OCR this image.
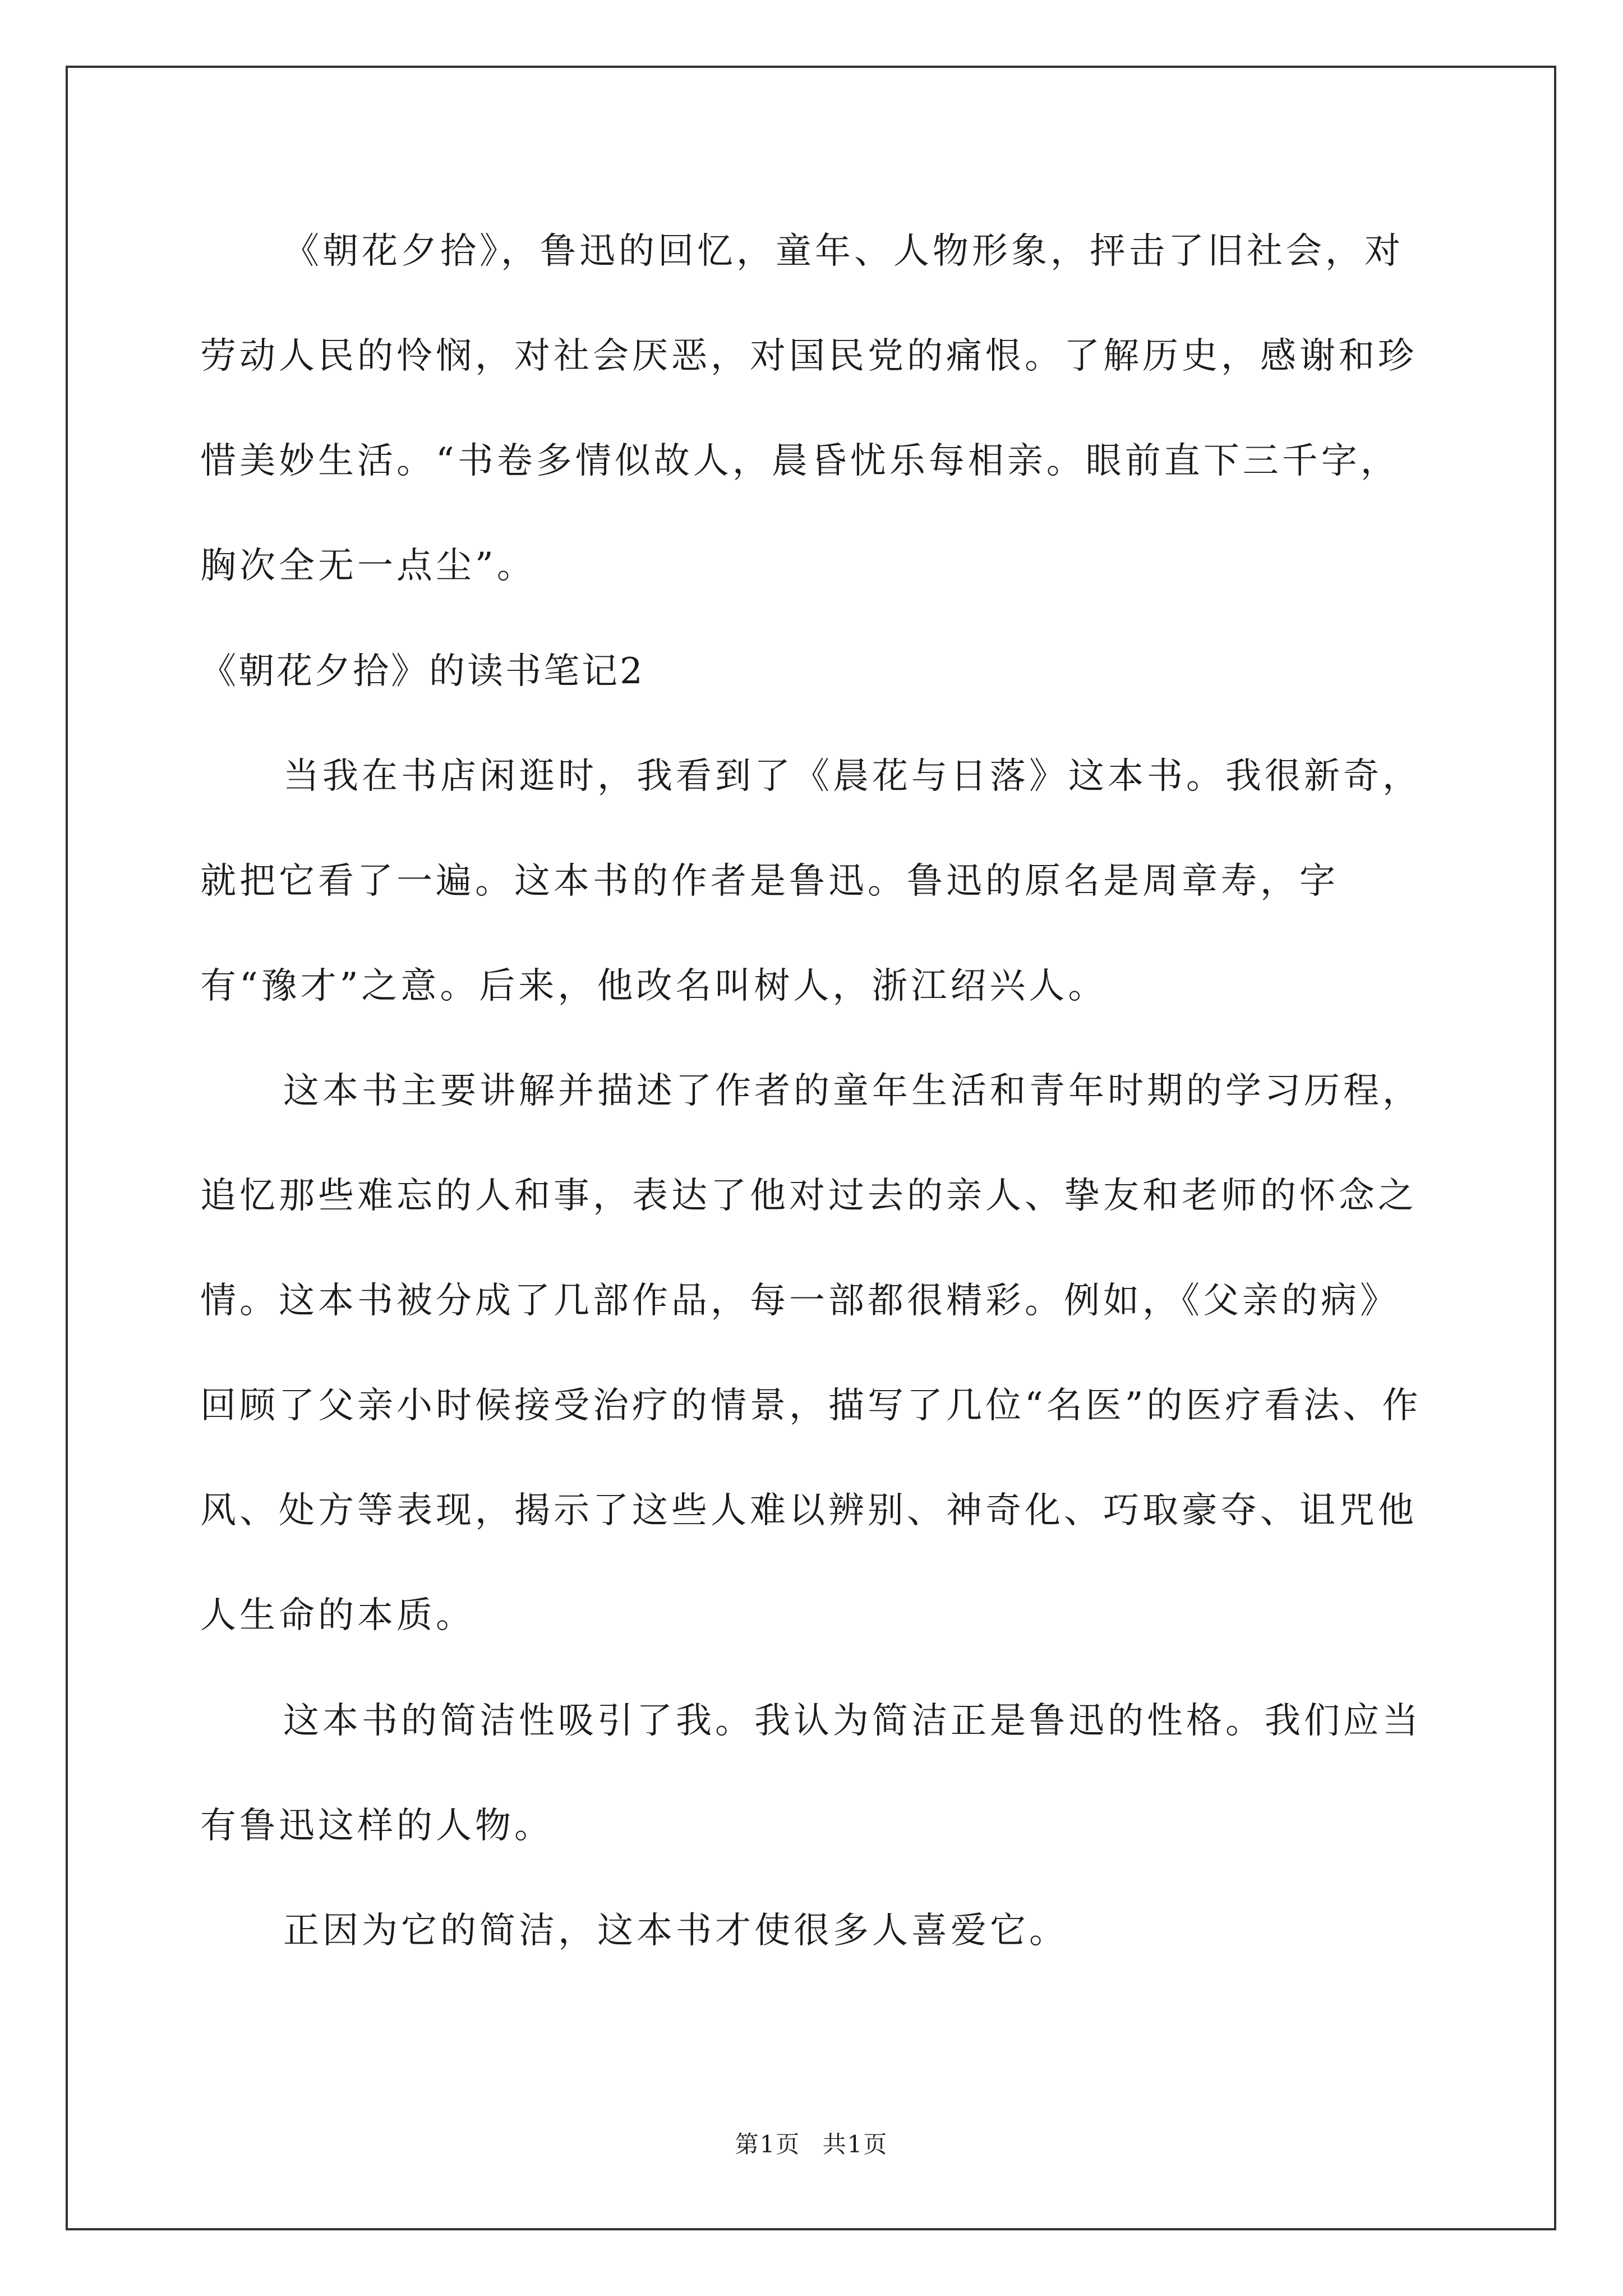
《朝花夕拾》，鲁迅的回忆，童年、人物形象，抨击了旧社会，对劳动人民的怜悯，对社会厌恶，对国民党的痛恨。了解历史，感谢和珍惜美妙生活。“书卷多情似故人，晨昏忧乐每相亲。眼前直下三千字，胸次全无一点尘”。

《朝花夕拾》的读书笔记2

当我在书店闲逛时，我看到了《晨花与日落》这本书。我很新奇，就把它看了一遍。这本书的作者是鲁迅。鲁迅的原名是周章寿，字有“豫才”之意。后来，他改名叫树人，浙江绍兴人。

这本书主要讲解并描述了作者的童年生活和青年时期的学习历程，追忆那些难忘的人和事，表达了他对过去的亲人、挚友和老师的怀念之情。这本书被分成了几部作品，每一部都很精彩。例如，《父亲的病》回顾了父亲小时候接受治疗的情景，描写了几位“名医”的医疗看法、作风、处方等表现，揭示了这些人难以辨别、神奇化、巧取豪夺、诅咒他人生命的本质。

这本书的简洁性吸引了我。我认为简洁正是鲁迅的性格。我们应当有鲁迅这样的人物。

正因为它的简洁，这本书才使很多人喜爱它。

第1页 共1页
